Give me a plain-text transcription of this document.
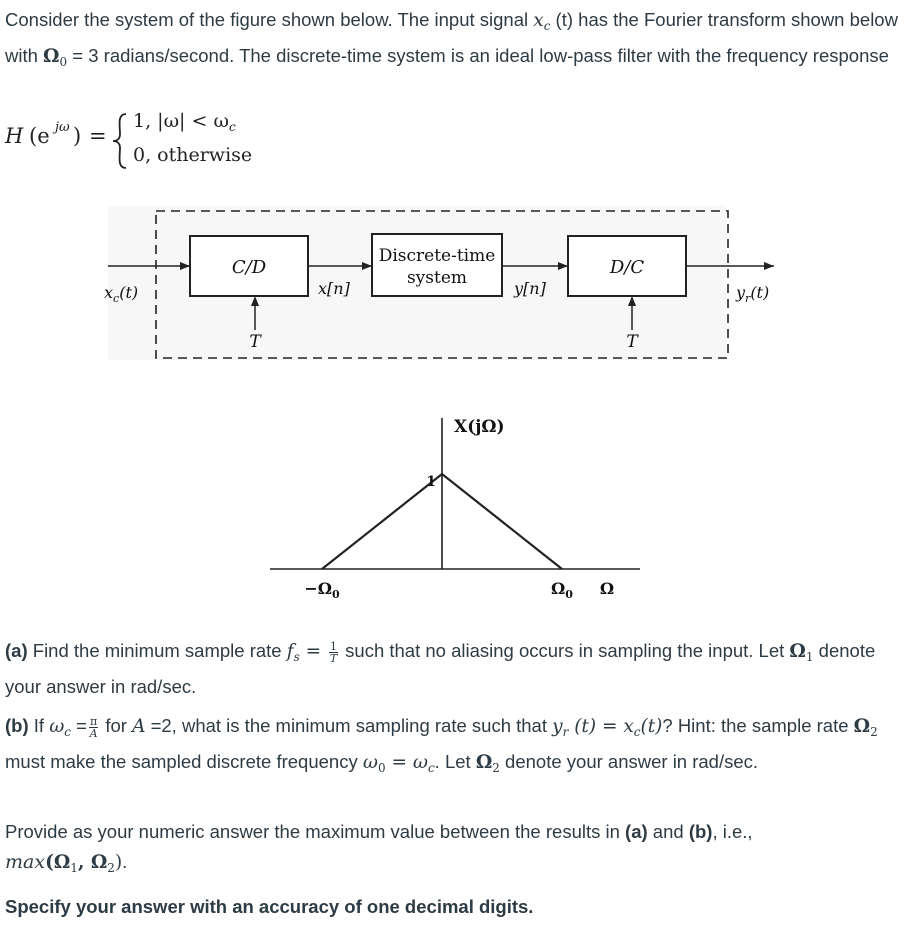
Consider the system of the figure shown below. The input signal $x_c$ (t) has the Fourier transform shown below with $\Omega_0 = 3$ radians/second. The discrete-time system is an ideal low-pass filter with the frequency response

H (e jω ) =
1, $|\omega| < \omega_c$
0, otherwise
C/D
Discrete-time
system	D/C
T	T
$x_c(t)$	x[n]	y[n]	$y_r(t)$
X(jΩ)
1
$-\Omega_0$	$\Omega_0$ Ω

(a) Find the minimum sample rate $f_s = \frac{1}{T}$ such that no aliasing occurs in sampling the input. Let $\Omega_1$ denote your answer in rad/sec.

(b) If $\omega_c = \frac{\pi}{A}$ for A =2, what is the minimum sampling rate such that $y_r$ $(t) = x_c(t)$? Hint: the sample rate $\Omega_2$ must make the sampled discrete frequency $\omega_0 = \omega_c$. Let $\Omega_2$ denote your answer in rad/sec.

Provide as your numeric answer the maximum value between the results in (a) and (b), i.e.,
$\max(\Omega_1$, $\Omega_2$).

Specify your answer with an accuracy of one decimal digits.
